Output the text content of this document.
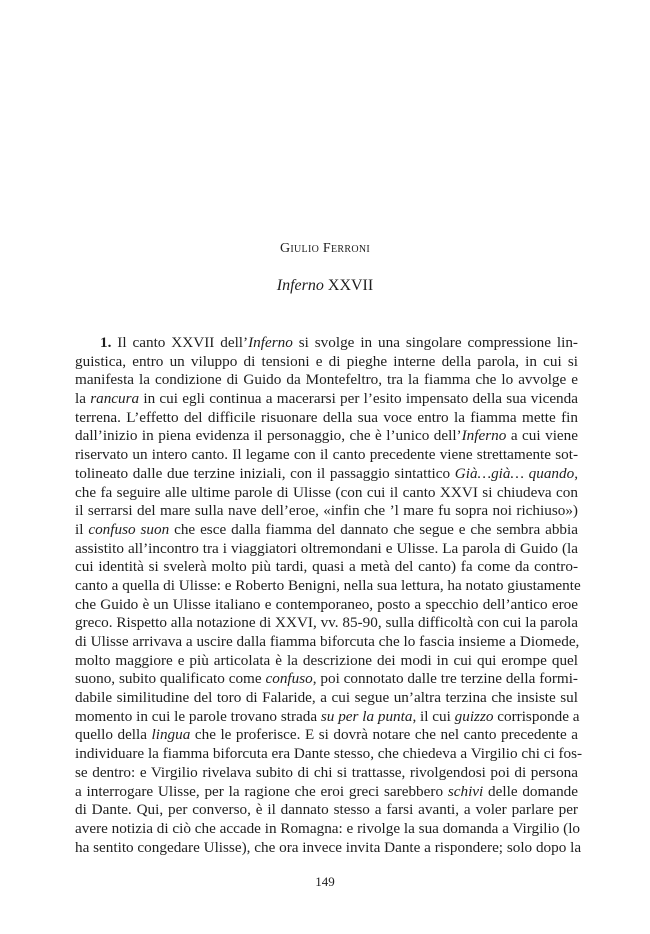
Giulio Ferroni
Inferno XXVII
1. Il canto XXVII dell’Inferno si svolge in una singolare compressione lin-
guistica, entro un viluppo di tensioni e di pieghe interne della parola, in cui si
manifesta la condizione di Guido da Montefeltro, tra la fiamma che lo avvolge e
la rancura in cui egli continua a macerarsi per l’esito impensato della sua vicenda
terrena. L’effetto del difficile risuonare della sua voce entro la fiamma mette fin
dall’inizio in piena evidenza il personaggio, che è l’unico dell’Inferno a cui viene
riservato un intero canto. Il legame con il canto precedente viene strettamente sot-
tolineato dalle due terzine iniziali, con il passaggio sintattico Già…già… quando,
che fa seguire alle ultime parole di Ulisse (con cui il canto XXVI si chiudeva con
il serrarsi del mare sulla nave dell’eroe, «infin che ’l mare fu sopra noi richiuso»)
il confuso suon che esce dalla fiamma del dannato che segue e che sembra abbia
assistito all’incontro tra i viaggiatori oltremondani e Ulisse. La parola di Guido (la
cui identità si svelerà molto più tardi, quasi a metà del canto) fa come da contro-
canto a quella di Ulisse: e Roberto Benigni, nella sua lettura, ha notato giustamente
che Guido è un Ulisse italiano e contemporaneo, posto a specchio dell’antico eroe
greco. Rispetto alla notazione di XXVI, vv. 85-90, sulla difficoltà con cui la parola
di Ulisse arrivava a uscire dalla fiamma biforcuta che lo fascia insieme a Diomede,
molto maggiore e più articolata è la descrizione dei modi in cui qui erompe quel
suono, subito qualificato come confuso, poi connotato dalle tre terzine della formi-
dabile similitudine del toro di Falaride, a cui segue un’altra terzina che insiste sul
momento in cui le parole trovano strada su per la punta, il cui guizzo corrisponde a
quello della lingua che le proferisce. E si dovrà notare che nel canto precedente a
individuare la fiamma biforcuta era Dante stesso, che chiedeva a Virgilio chi ci fos-
se dentro: e Virgilio rivelava subito di chi si trattasse, rivolgendosi poi di persona
a interrogare Ulisse, per la ragione che eroi greci sarebbero schivi delle domande
di Dante. Qui, per converso, è il dannato stesso a farsi avanti, a voler parlare per
avere notizia di ciò che accade in Romagna: e rivolge la sua domanda a Virgilio (lo
ha sentito congedare Ulisse), che ora invece invita Dante a rispondere; solo dopo la
149
